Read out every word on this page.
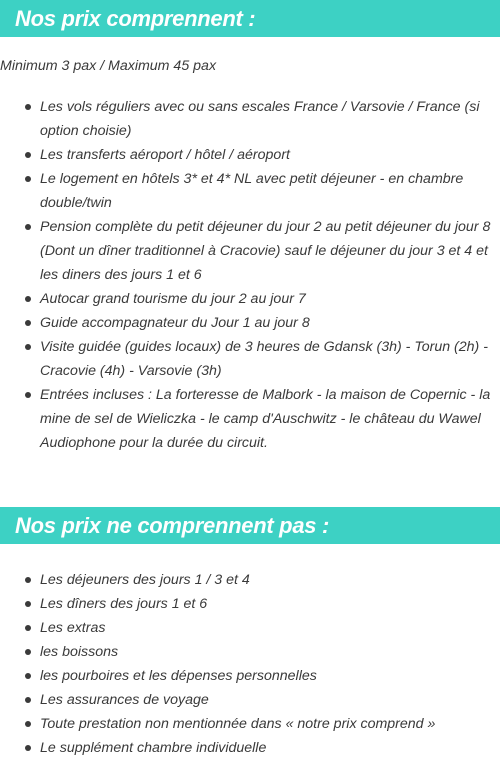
Nos prix comprennent :

Minimum 3 pax / Maximum 45 pax

Les vols réguliers avec ou sans escales France / Varsovie / France (si option choisie)
Les transferts aéroport / hôtel / aéroport
Le logement en hôtels 3* et 4* NL avec petit déjeuner - en chambre double/twin
Pension complète du petit déjeuner du jour 2 au petit déjeuner du jour 8 (Dont un dîner traditionnel à Cracovie) sauf le déjeuner du jour 3 et 4 et les diners des jours 1 et 6
Autocar grand tourisme du jour 2 au jour 7
Guide accompagnateur du Jour 1 au jour 8
Visite guidée (guides locaux) de 3 heures de Gdansk (3h) - Torun (2h) - Cracovie (4h) - Varsovie (3h)
Entrées incluses : La forteresse de Malbork - la maison de Copernic - la mine de sel de Wieliczka - le camp d'Auschwitz - le château du Wawel Audiophone pour la durée du circuit.
Nos prix ne comprennent pas :
Les déjeuners des jours 1 / 3 et 4
Les dîners des jours 1 et 6
Les extras
les boissons
les pourboires et les dépenses personnelles
Les assurances de voyage
Toute prestation non mentionnée dans « notre prix comprend »
Le supplément chambre individuelle
